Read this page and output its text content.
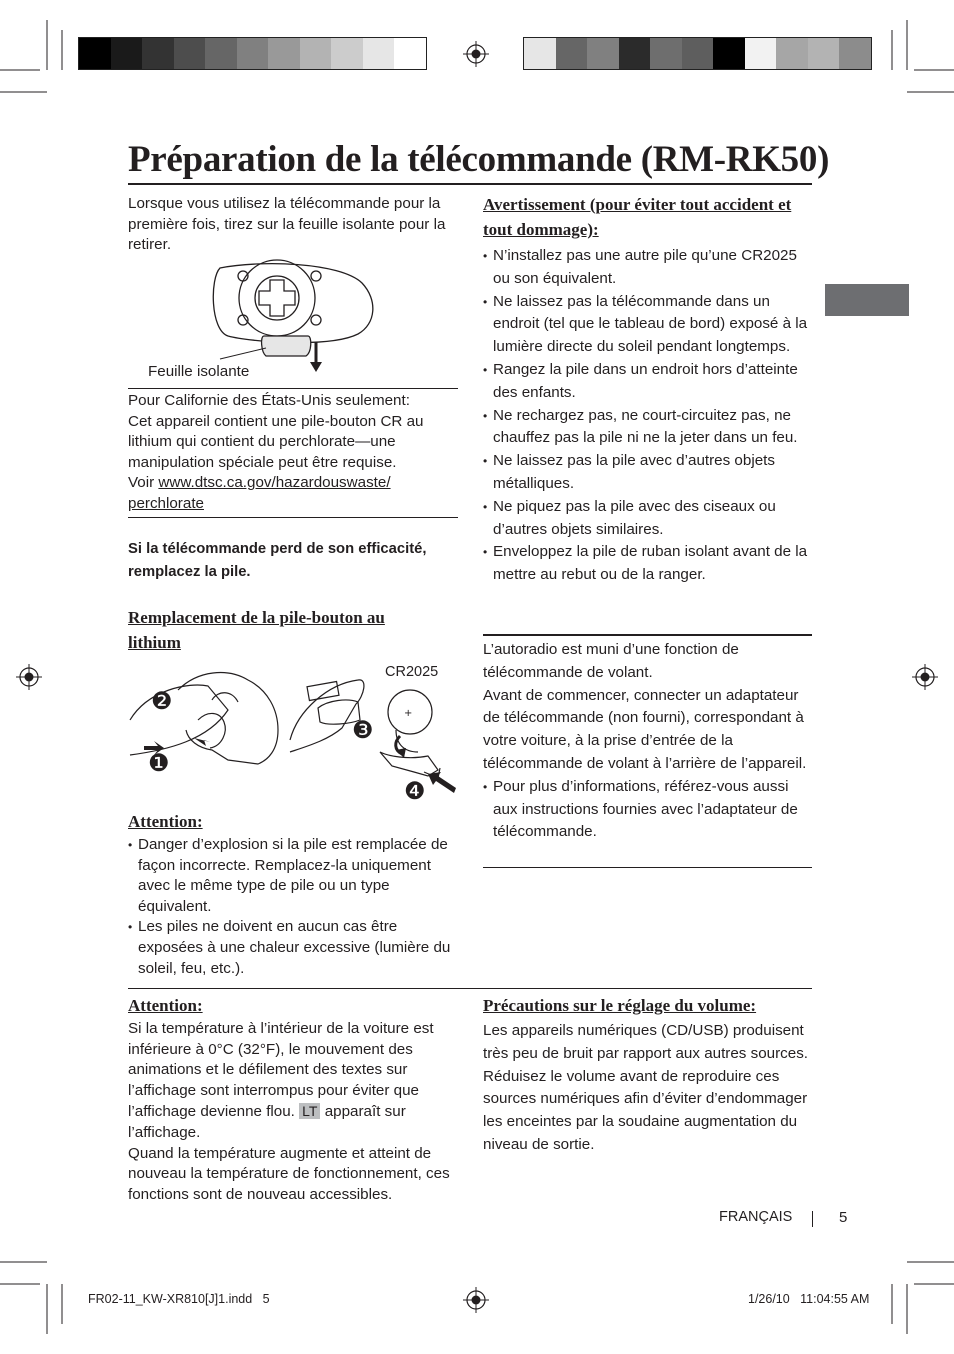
Préparation de la télécommande (RM-RK50)
Lorsque vous utilisez la télécommande pour la première fois, tirez sur la feuille isolante pour la retirer.
Feuille isolante
Pour Californie des États-Unis seulement:
Cet appareil contient une pile-bouton CR au lithium qui contient du perchlorate—une manipulation spéciale peut être requise.
Voir www.dtsc.ca.gov/hazardouswaste/
perchlorate
Si la télécommande perd de son efficacité, remplacez la pile.
Remplacement de la pile-bouton au lithium
+
CR2025
❷
❶
❸
❹
Attention:
• Danger d’explosion si la pile est remplacée de façon incorrecte. Remplacez-la uniquement avec le même type de pile ou un type équivalent.
• Les piles ne doivent en aucun cas être exposées à une chaleur excessive (lumière du soleil, feu, etc.).
Avertissement (pour éviter tout accident et tout dommage):
• N’installez pas une autre pile qu’une CR2025 ou son équivalent.
• Ne laissez pas la télécommande dans un endroit (tel que le tableau de bord) exposé à la lumière directe du soleil pendant longtemps.
• Rangez la pile dans un endroit hors d’atteinte des enfants.
• Ne rechargez pas, ne court-circuitez pas, ne chauffez pas la pile ni ne la jeter dans un feu.
• Ne laissez pas la pile avec d’autres objets métalliques.
• Ne piquez pas la pile avec des ciseaux ou d’autres objets similaires.
• Enveloppez la pile de ruban isolant avant de la mettre au rebut ou de la ranger.
L’autoradio est muni d’une fonction de télécommande de volant.
Avant de commencer, connecter un adaptateur de télécommande (non fourni), correspondant à votre voiture, à la prise d’entrée de la télécommande de volant à l’arrière de l’appareil.
• Pour plus d’informations, référez-vous aussi aux instructions fournies avec l’adaptateur de télécommande.
Attention:
Si la température à l’intérieur de la voiture est inférieure à 0°C (32°F), le mouvement des animations et le défilement des textes sur l’affichage sont interrompus pour éviter que l’affichage devienne flou. LT apparaît sur l’affichage.
Quand la température augmente et atteint de nouveau la température de fonctionnement, ces fonctions sont de nouveau accessibles.
Précautions sur le réglage du volume:
Les appareils numériques (CD/USB) produisent très peu de bruit par rapport aux autres sources. Réduisez le volume avant de reproduire ces sources numériques afin d’éviter d’endommager les enceintes par la soudaine augmentation du niveau de sortie.
FRANÇAIS	5
FR02-11_KW-XR810[J]1.indd   5	1/26/10   11:04:55 AM
